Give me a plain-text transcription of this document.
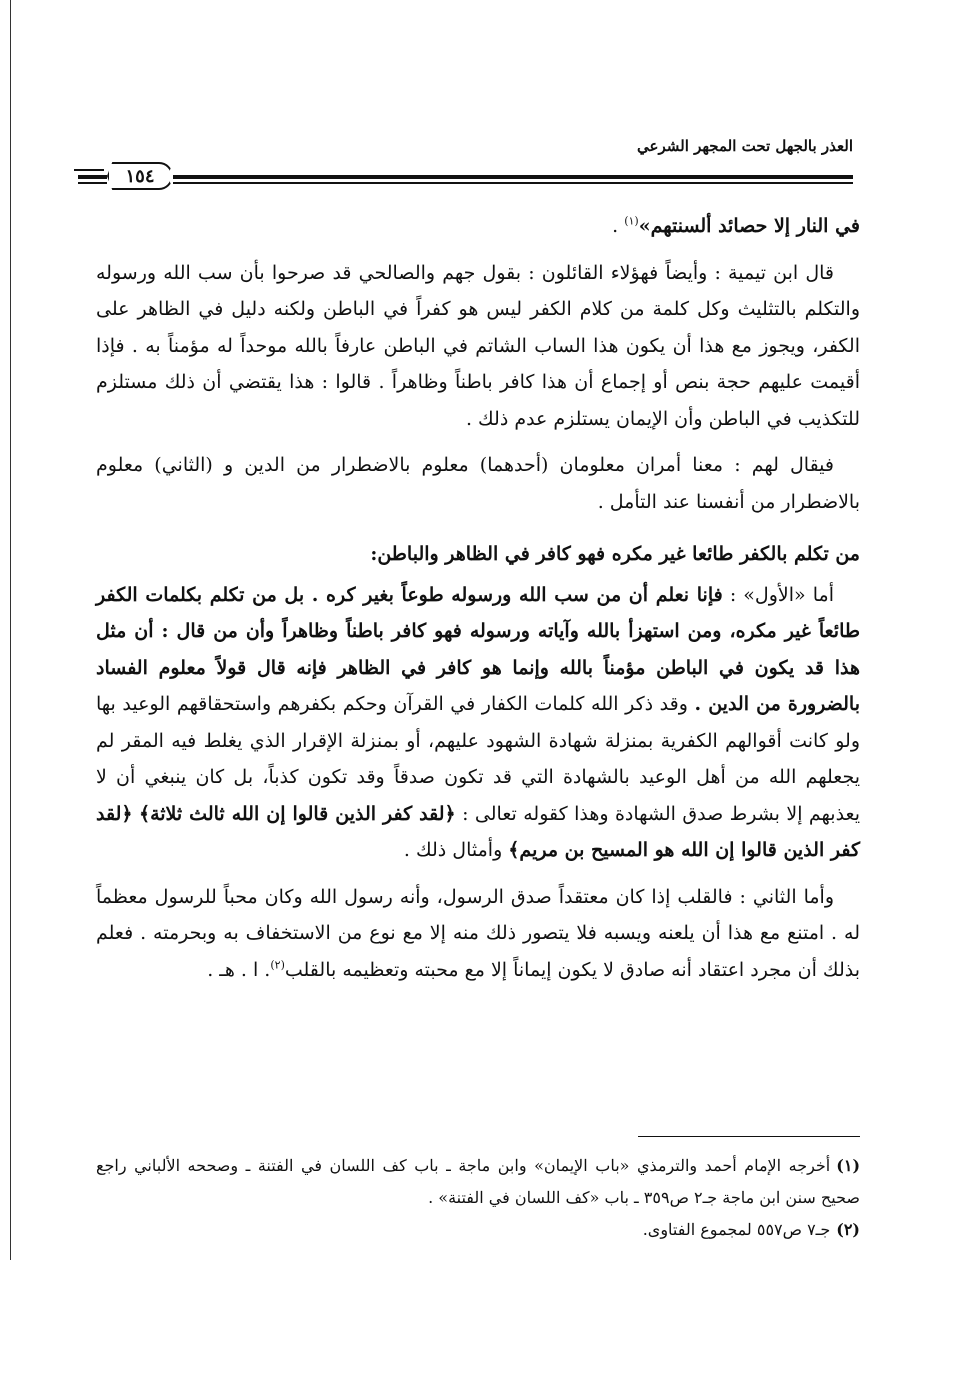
العذر بالجهل تحت المجهر الشرعي
١٥٤

في النار إلا حصائد ألسنتهم»$^{(١)}$ .

قال ابن تيمية : وأيضاً فهؤلاء القائلون : بقول جهم والصالحي قد صرحوا بأن سب الله ورسوله والتكلم بالتثليث وكل كلمة من كلام الكفر ليس هو كفراً في الباطن ولكنه دليل في الظاهر على الكفر، ويجوز مع هذا أن يكون هذا الساب الشاتم في الباطن عارفاً بالله موحداً له مؤمناً به . فإذا أقيمت عليهم حجة بنص أو إجماع أن هذا كافر باطناً وظاهراً . قالوا : هذا يقتضي أن ذلك مستلزم للتكذيب في الباطن وأن الإيمان يستلزم عدم ذلك .

فيقال لهم : معنا أمران معلومان (أحدهما) معلوم بالاضطرار من الدين و (الثاني) معلوم بالاضطرار من أنفسنا عند التأمل .

من تكلم بالكفر طائعا غير مكره فهو كافر في الظاهر والباطن:

أما «الأول» : فإنا نعلم أن من سب الله ورسوله طوعاً بغير كره . بل من تكلم بكلمات الكفر طائعاً غير مكره، ومن استهزأ بالله وآياته ورسوله فهو كافر باطناً وظاهراً وأن من قال : أن مثل هذا قد يكون في الباطن مؤمناً بالله وإنما هو كافر في الظاهر فإنه قال قولاً معلوم الفساد بالضرورة من الدين . وقد ذكر الله كلمات الكفار في القرآن وحكم بكفرهم واستحقاقهم الوعيد بها ولو كانت أقوالهم الكفرية بمنزلة شهادة الشهود عليهم، أو بمنزلة الإقرار الذي يغلط فيه المقر لم يجعلهم الله من أهل الوعيد بالشهادة التي قد تكون صدقاً وقد تكون كذباً، بل كان ينبغي أن لا يعذبهم إلا بشرط صدق الشهادة وهذا كقوله تعالى : ﴿لقد كفر الذين قالوا إن الله ثالث ثلاثة﴾ ﴿لقد كفر الذين قالوا إن الله هو المسيح بن مريم﴾ وأمثال ذلك .

وأما الثاني : فالقلب إذا كان معتقداً صدق الرسول، وأنه رسول الله وكان محباً للرسول معظماً له . امتنع مع هذا أن يلعنه ويسبه فلا يتصور ذلك منه إلا مع نوع من الاستخفاف به وبحرمته . فعلم بذلك أن مجرد اعتقاد أنه صادق لا يكون إيماناً إلا مع محبته وتعظيمه بالقلب$^{(٢)}$. ا . هـ .

(١)أخرجه الإمام أحمد والترمذي «باب الإيمان» وابن ماجة ـ باب كف اللسان في الفتنة ـ وصححه الألباني راجع صحيح سنن ابن ماجة جـ٢ ص٣٥٩ ـ باب «كف اللسان في الفتنة» .

(٢)جـ٧ ص٥٥٧ لمجموع الفتاوى.
